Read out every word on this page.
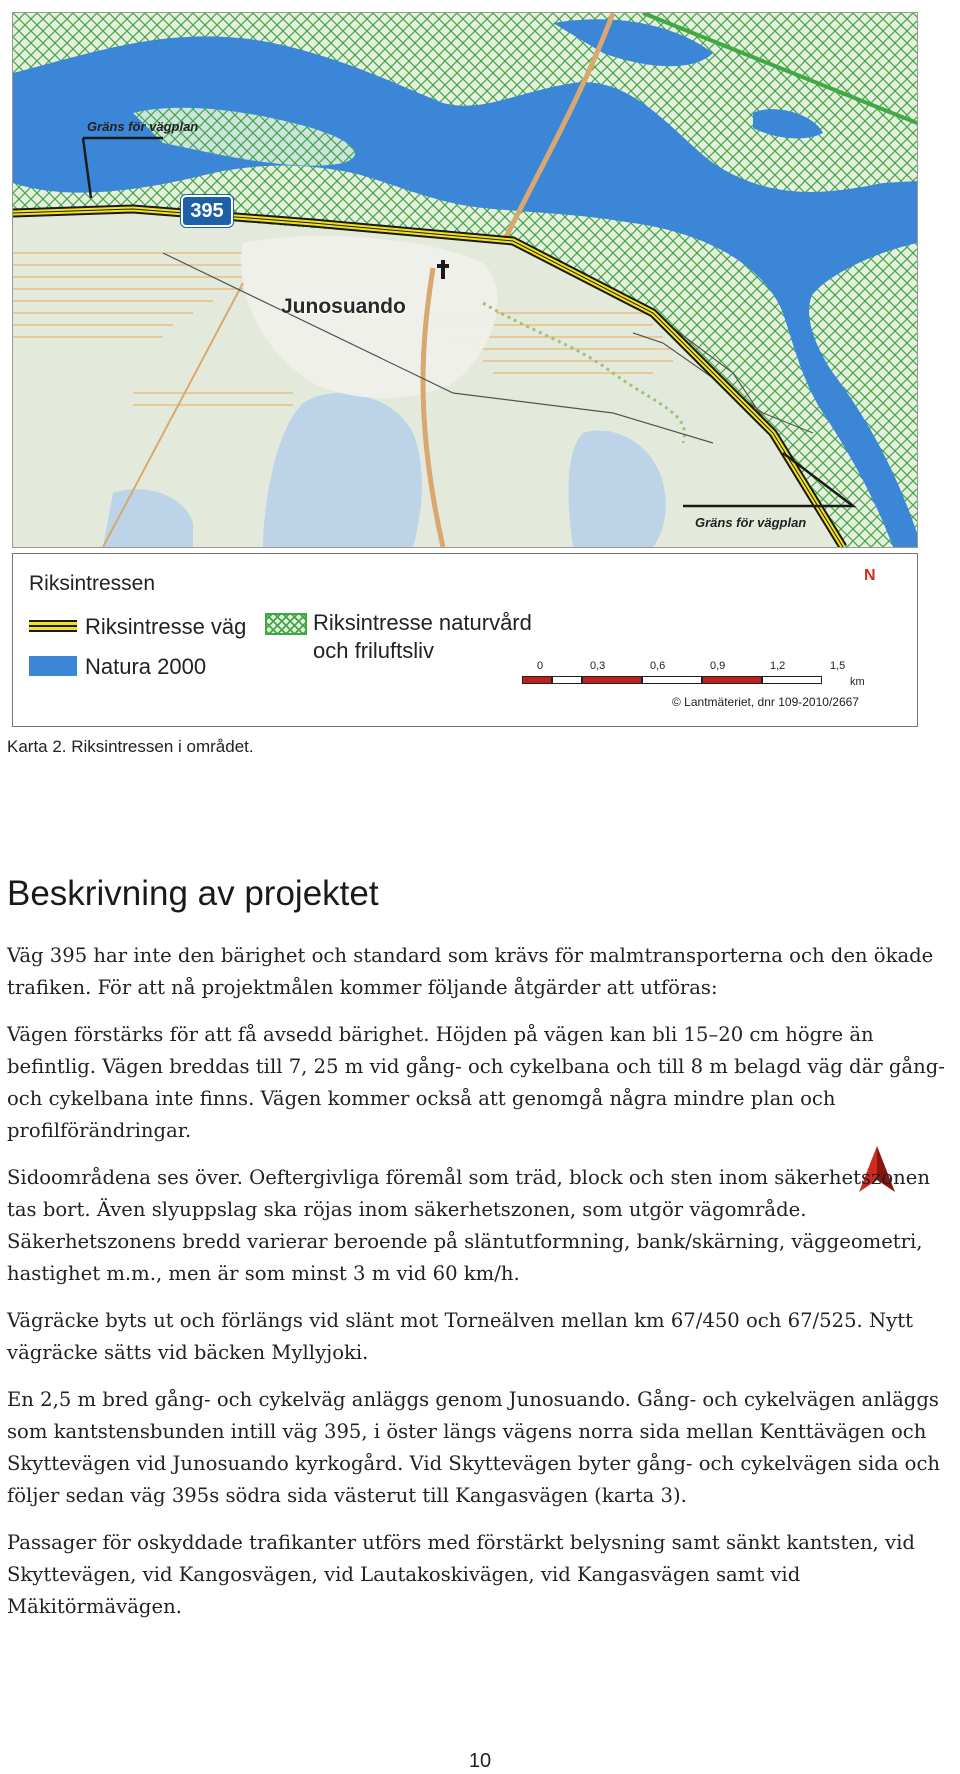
Gräns för vägplan
Gräns för vägplan
Junosuando
395
Riksintressen
Riksintresse väg
Natura 2000
Riksintresse naturvård
och friluftsliv
N
0	0,3	0,6	0,9	1,2	1,5
km
© Lantmäteriet, dnr 109-2010/2667
Karta 2. Riksintressen i området.
Beskrivning av projektet

Väg 395 har inte den bärighet och standard som krävs för malmtransporterna och den ökade trafiken. För att nå projektmålen kommer följande åtgärder att utföras:

Vägen förstärks för att få avsedd bärighet. Höjden på vägen kan bli 15–20 cm högre än befintlig. Vägen breddas till 7, 25 m vid gång- och cykelbana och till 8 m belagd väg där gång- och cykelbana inte finns. Vägen kommer också att genomgå några mindre plan och profilförändringar.

Sidoområdena ses över. Oeftergivliga föremål som träd, block och sten inom säkerhetszonen tas bort. Även slyuppslag ska röjas inom säkerhetszonen, som utgör vägområde. Säkerhetszonens bredd varierar beroende på släntutformning, bank/skärning, väggeometri, hastighet m.m., men är som minst 3 m vid 60 km/h.

Vägräcke byts ut och förlängs vid slänt mot Torneälven mellan km 67/450 och 67/525. Nytt vägräcke sätts vid bäcken Myllyjoki.

En 2,5 m bred gång- och cykelväg anläggs genom Junosuando. Gång- och cykelvägen anläggs som kantstensbunden intill väg 395, i öster längs vägens norra sida mellan Kenttävägen och Skyttevägen vid Junosuando kyrkogård. Vid Skyttevägen byter gång- och cykelvägen sida och följer sedan väg 395s södra sida västerut till Kangasvägen (karta 3).

Passager för oskyddade trafikanter utförs med förstärkt belysning samt sänkt kantsten, vid Skyttevägen, vid Kangosvägen, vid Lautakoskivägen, vid Kangasvägen samt vid Mäkitörmävägen.

10
